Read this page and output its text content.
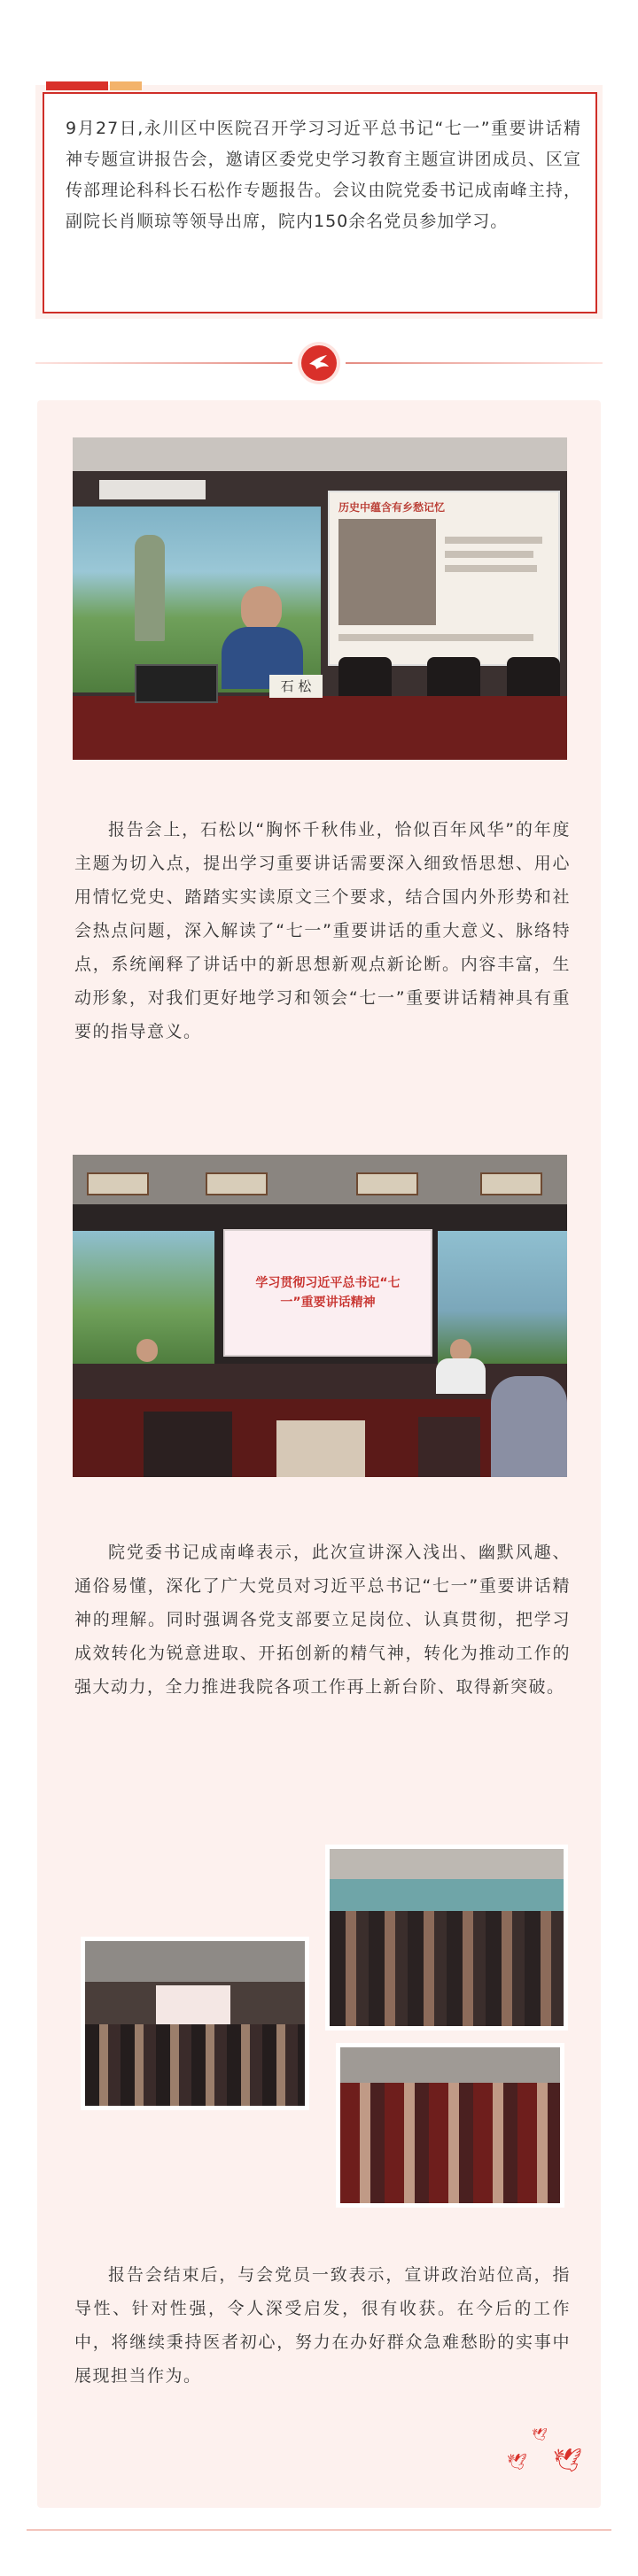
9月27日,永川区中医院召开学习习近平总书记“七一”重要讲话精神专题宣讲报告会，邀请区委党史学习教育主题宣讲团成员、区宣传部理论科科长石松作专题报告。会议由院党委书记成南峰主持，副院长肖顺琼等领导出席，院内150余名党员参加学习。
历史中蕴含有乡愁记忆
石 松
报告会上，石松以“胸怀千秋伟业，恰似百年风华”的年度主题为切入点，提出学习重要讲话需要深入细致悟思想、用心用情忆党史、踏踏实实读原文三个要求，结合国内外形势和社会热点问题，深入解读了“七一”重要讲话的重大意义、脉络特点，系统阐释了讲话中的新思想新观点新论断。内容丰富，生动形象，对我们更好地学习和领会“七一”重要讲话精神具有重要的指导意义。
学习贯彻习近平总书记“七一”重要讲话精神
院党委书记成南峰表示，此次宣讲深入浅出、幽默风趣、通俗易懂，深化了广大党员对习近平总书记“七一”重要讲话精神的理解。同时强调各党支部要立足岗位、认真贯彻，把学习成效转化为锐意进取、开拓创新的精气神，转化为推动工作的强大动力，全力推进我院各项工作再上新台阶、取得新突破。
报告会结束后，与会党员一致表示，宣讲政治站位高，指导性、针对性强，令人深受启发，很有收获。在今后的工作中，将继续秉持医者初心，努力在办好群众急难愁盼的实事中展现担当作为。
🕊
🕊
🕊
